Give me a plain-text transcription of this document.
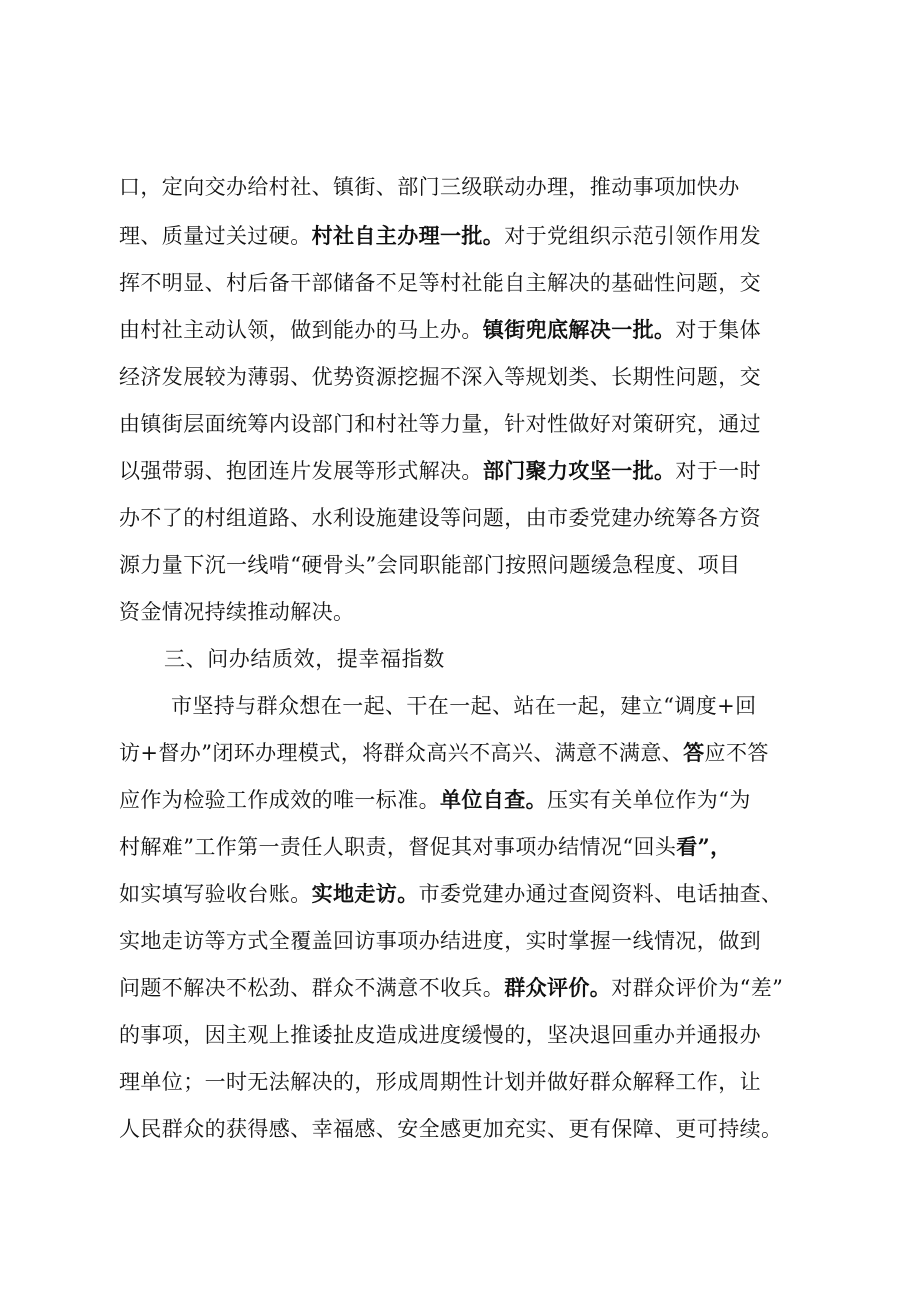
口，定向交办给村社、镇街、部门三级联动办理，推动事项加快办
理、质量过关过硬。村社自主办理一批。对于党组织示范引领作用发
挥不明显、村后备干部储备不足等村社能自主解决的基础性问题，交
由村社主动认领，做到能办的马上办。镇街兜底解决一批。对于集体
经济发展较为薄弱、优势资源挖掘不深入等规划类、长期性问题，交
由镇街层面统筹内设部门和村社等力量，针对性做好对策研究，通过
以强带弱、抱团连片发展等形式解决。部门聚力攻坚一批。对于一时
办不了的村组道路、水利设施建设等问题，由市委党建办统筹各方资
源力量下沉一线啃“硬骨头”会同职能部门按照问题缓急程度、项目
资金情况持续推动解决。
三、问办结质效，提幸福指数
市坚持与群众想在一起、干在一起、站在一起，建立“调度+回
访+督办”闭环办理模式，将群众高兴不高兴、满意不满意、答应不答
应作为检验工作成效的唯一标准。单位自查。压实有关单位作为“为
村解难”工作第一责任人职责，督促其对事项办结情况“回头看”，
如实填写验收台账。实地走访。市委党建办通过查阅资料、电话抽查、
实地走访等方式全覆盖回访事项办结进度，实时掌握一线情况，做到
问题不解决不松劲、群众不满意不收兵。群众评价。对群众评价为“差”
的事项，因主观上推诿扯皮造成进度缓慢的，坚决退回重办并通报办
理单位；一时无法解决的，形成周期性计划并做好群众解释工作，让
人民群众的获得感、幸福感、安全感更加充实、更有保障、更可持续。
